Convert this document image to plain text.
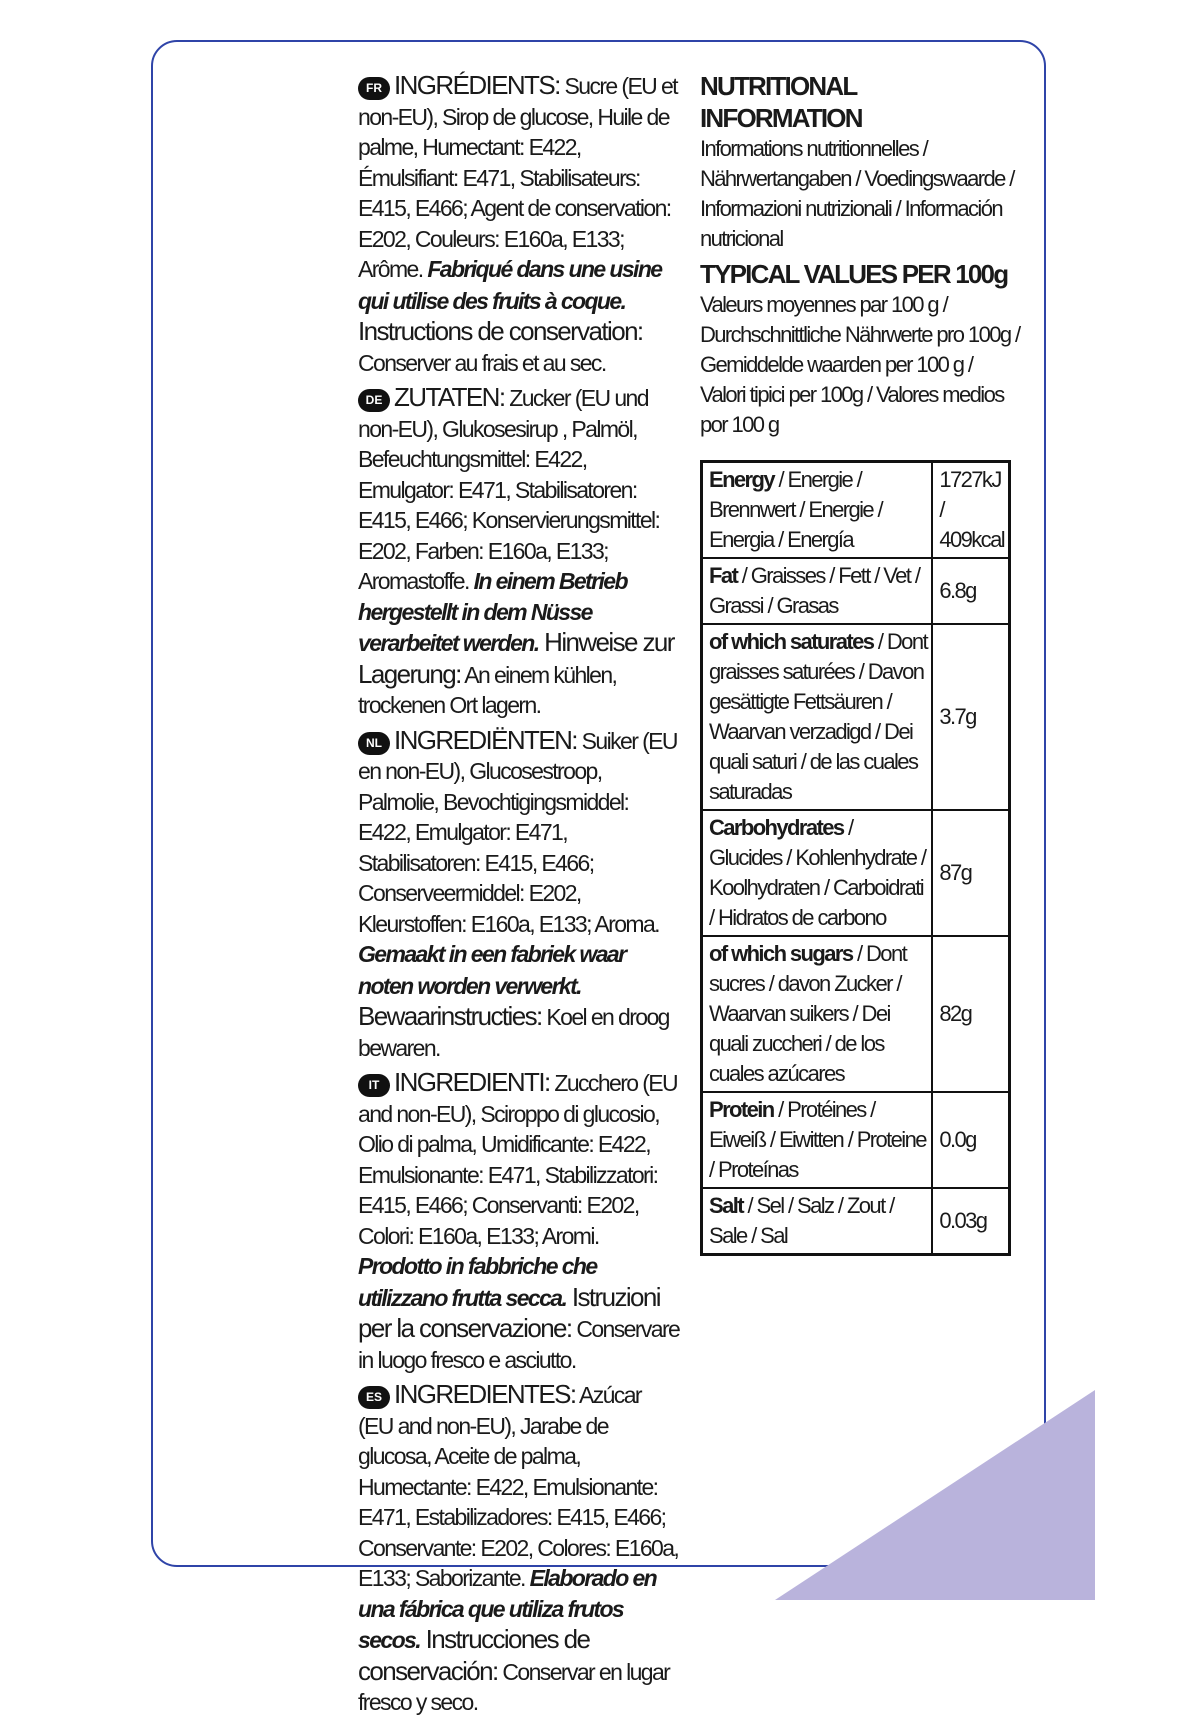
FR INGRÉDIENTS: Sucre (EU et non-EU), Sirop de glucose, Huile de palme, Humectant: E422, Émulsifiant: E471, Stabilisateurs: E415, E466; Agent de conservation: E202, Couleurs: E160a, E133; Arôme. Fabriqué dans une usine qui utilise des fruits à coque. Instructions de conservation: Conserver au frais et au sec.

DE ZUTATEN: Zucker (EU und non-EU), Glukosesirup , Palmöl, Befeuchtungsmittel: E422, Emulgator: E471, Stabilisatoren: E415, E466; Konservierungsmittel: E202, Farben: E160a, E133; Aromastoffe. In einem Betrieb hergestellt in dem Nüsse verarbeitet werden. Hinweise zur Lagerung: An einem kühlen, trockenen Ort lagern.

NL INGREDIËNTEN: Suiker (EU en non-EU), Glucosestroop, Palmolie, Bevochtigingsmiddel: E422, Emulgator: E471, Stabilisatoren: E415, E466; Conserveermiddel: E202, Kleurstoffen: E160a, E133; Aroma. Gemaakt in een fabriek waar noten worden verwerkt. Bewaarinstructies: Koel en droog bewaren.

IT INGREDIENTI: Zucchero (EU and non-EU), Sciroppo di glucosio, Olio di palma, Umidificante: E422, Emulsionante: E471, Stabilizzatori: E415, E466; Conservanti: E202, Colori: E160a, E133; Aromi. Prodotto in fabbriche che utilizzano frutta secca. Istruzioni per la conservazione: Conservare in luogo fresco e asciutto.

ES INGREDIENTES: Azúcar (EU and non-EU), Jarabe de glucosa, Aceite de palma, Humectante: E422, Emulsionante: E471, Estabilizadores: E415, E466; Conservante: E202, Colores: E160a, E133; Saborizante. Elaborado en una fábrica que utiliza frutos secos. Instrucciones de conservación: Conservar en lugar fresco y seco.

NUTRITIONAL INFORMATION
Informations nutritionnelles / Nährwertangaben / Voedingswaarde / Informazioni nutrizionali / Información nutricional
TYPICAL VALUES PER 100g
Valeurs moyennes par 100 g / Durchschnittliche Nährwerte pro 100g / Gemiddelde waarden per 100 g / Valori tipici per 100g / Valores medios por 100 g
Energy / Energie / Brennwert / Energie / Energia / Energía	1727kJ / 409kcal
Fat / Graisses / Fett / Vet / Grassi / Grasas	6.8g
of which saturates / Dont graisses saturées / Davon gesättigte Fettsäuren / Waarvan verzadigd / Dei quali saturi / de las cuales saturadas	3.7g
Carbohydrates / Glucides / Kohlenhydrate / Koolhydraten / Carboidrati / Hidratos de carbono	87g
of which sugars / Dont sucres / davon Zucker / Waarvan suikers / Dei quali zuccheri / de los cuales azúcares	82g
Protein / Protéines / Eiweiß / Eiwitten / Proteine / Proteínas	0.0g
Salt / Sel / Salz / Zout / Sale / Sal	0.03g
